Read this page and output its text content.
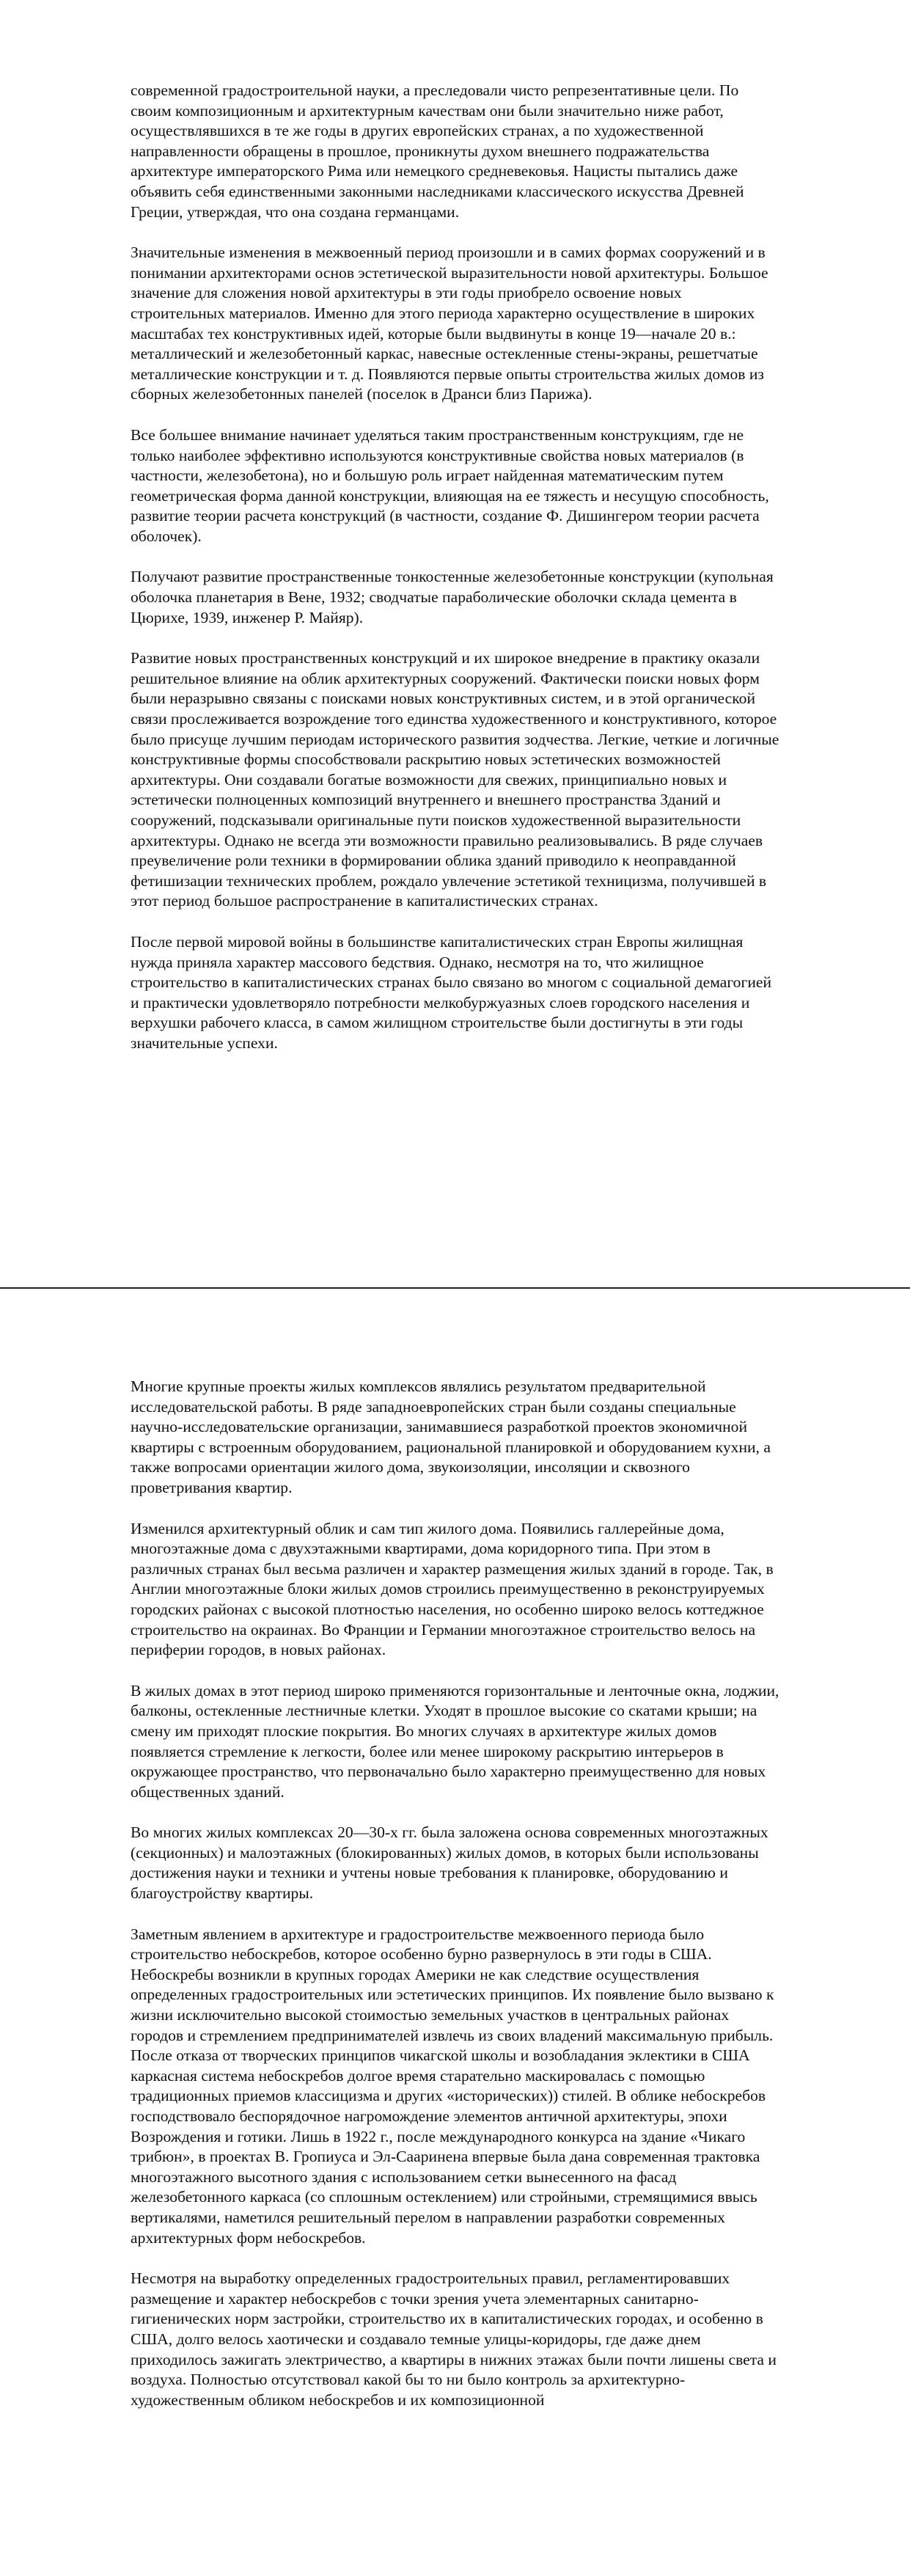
современной градостроительной науки, а преследовали чисто репрезентативные цели. По своим композиционным и архитектурным качествам они были значительно ниже работ, осуществлявшихся в те же годы в других европейских странах, а по художественной направленности обращены в прошлое, проникнуты духом внешнего подражательства архитектуре императорского Рима или немецкого средневековья. Нацисты пытались даже объявить себя единственными законными наследниками классического искусства Древней Греции, утверждая, что она создана германцами.

Значительные изменения в межвоенный период произошли и в самих формах сооружений и в понимании архитекторами основ эстетической выразительности новой архитектуры. Большое значение для сложения новой архитектуры в эти годы приобрело освоение новых строительных материалов. Именно для этого периода характерно осуществление в широких масштабах тех конструктивных идей, которые были выдвинуты в конце 19—начале 20 в.: металлический и железобетонный каркас, навесные остекленные стены-экраны, решетчатые металлические конструкции и т. д. Появляются первые опыты строительства жилых домов из сборных железобетонных панелей (поселок в Дранси близ Парижа).

Все большее внимание начинает уделяться таким пространственным конструкциям, где не только наиболее эффективно используются конструктивные свойства новых материалов (в частности, железобетона), но и большую роль играет найденная математическим путем геометрическая форма данной конструкции, влияющая на ее тяжесть и несущую способность, развитие теории расчета конструкций (в частности, создание Ф. Дишингером теории расчета оболочек).

Получают развитие пространственные тонкостенные железобетонные конструкции (купольная оболочка планетария в Вене, 1932; сводчатые параболические оболочки склада цемента в Цюрихе, 1939, инженер Р. Майяр).

Развитие новых пространственных конструкций и их широкое внедрение в практику оказали решительное влияние на облик архитектурных сооружений. Фактически поиски новых форм были неразрывно связаны с поисками новых конструктивных систем, и в этой органической связи прослеживается возрождение того единства художественного и конструктивного, которое было присуще лучшим периодам исторического развития зодчества. Легкие, четкие и логичные конструктивные формы способствовали раскрытию новых эстетических возможностей архитектуры. Они создавали богатые возможности для свежих, принципиально новых и эстетически полноценных композиций внутреннего и внешнего пространства Зданий и сооружений, подсказывали оригинальные пути поисков художественной выразительности архитектуры. Однако не всегда эти возможности правильно реализовывались. В ряде случаев преувеличение роли техники в формировании облика зданий приводило к неоправданной фетишизации технических проблем, рождало увлечение эстетикой техницизма, получившей в этот период большое распространение в капиталистических странах.

После первой мировой войны в большинстве капиталистических стран Европы жилищная нужда приняла характер массового бедствия. Однако, несмотря на то, что жилищное строительство в капиталистических странах было связано во многом с социальной демагогией и практически удовлетворяло потребности мелкобуржуазных слоев городского населения и верхушки рабочего класса, в самом жилищном строительстве были достигнуты в эти годы значительные успехи.

Многие крупные проекты жилых комплексов являлись результатом предварительной исследовательской работы. В ряде западноевропейских стран были созданы специальные научно-исследовательские организации, занимавшиеся разработкой проектов экономичной квартиры с встроенным оборудованием, рациональной планировкой и оборудованием кухни, а также вопросами ориентации жилого дома, звукоизоляции, инсоляции и сквозного проветривания квартир.

Изменился архитектурный облик и сам тип жилого дома. Появились галлерейные дома, многоэтажные дома с двухэтажными квартирами, дома коридорного типа. При этом в различных странах был весьма различен и характер размещения жилых зданий в городе. Так, в Англии многоэтажные блоки жилых домов строились преимущественно в реконструируемых городских районах с высокой плотностью населения, но особенно широко велось коттеджное строительство на окраинах. Во Франции и Германии многоэтажное строительство велось на периферии городов, в новых районах.

В жилых домах в этот период широко применяются горизонтальные и ленточные окна, лоджии, балконы, остекленные лестничные клетки. Уходят в прошлое высокие со скатами крыши; на смену им приходят плоские покрытия. Во многих случаях в архитектуре жилых домов появляется стремление к легкости, более или менее широкому раскрытию интерьеров в окружающее пространство, что первоначально было характерно преимущественно для новых общественных зданий.

Во многих жилых комплексах 20—30-х гг. была заложена основа современных многоэтажных (секционных) и малоэтажных (блокированных) жилых домов, в которых были использованы достижения науки и техники и учтены новые требования к планировке, оборудованию и благоустройству квартиры.

Заметным явлением в архитектуре и градостроительстве межвоенного периода было строительство небоскребов, которое особенно бурно развернулось в эти годы в США. Небоскребы возникли в крупных городах Америки не как следствие осуществления определенных градостроительных или эстетических принципов. Их появление было вызвано к жизни исключительно высокой стоимостью земельных участков в центральных районах городов и стремлением предпринимателей извлечь из своих владений максимальную прибыль. После отказа от творческих принципов чикагской школы и возобладания эклектики в США каркасная система небоскребов долгое время старательно маскировалась с помощью традиционных приемов классицизма и других «исторических)) стилей. В облике небоскребов господствовало беспорядочное нагромождение элементов античной архитектуры, эпохи Возрождения и готики. Лишь в 1922 г., после международного конкурса на здание «Чикаго трибюн», в проектах В. Гропиуса и Эл-Сааринена впервые была дана современная трактовка многоэтажного высотного здания с использованием сетки вынесенного на фасад железобетонного каркаса (со сплошным остеклением) или стройными, стремящимися ввысь вертикалями, наметился решительный перелом в направлении разработки современных архитектурных форм небоскребов.

Несмотря на выработку определенных градостроительных правил, регламентировавших размещение и характер небоскребов с точки зрения учета элементарных санитарно-гигиенических норм застройки, строительство их в капиталистических городах, и особенно в США, долго велось хаотически и создавало темные улицы-коридоры, где даже днем приходилось зажигать электричество, а квартиры в нижних этажах были почти лишены света и воздуха. Полностью отсутствовал какой бы то ни было контроль за архитектурно-художественным обликом небоскребов и их композиционной
